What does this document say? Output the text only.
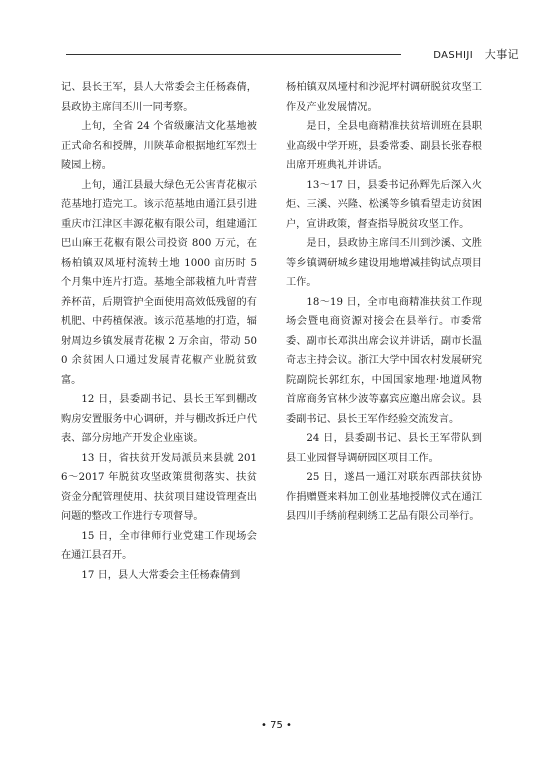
DASHIJI 大事记

记、县长王军，县人大常委会主任杨森倩，县政协主席闫丕川一同考察。

上旬，全省 24 个省级廉洁文化基地被正式命名和授牌，川陕革命根据地红军烈士陵园上榜。

上旬，通江县最大绿色无公害青花椒示范基地打造完工。该示范基地由通江县引进重庆市江津区丰源花椒有限公司，组建通江巴山麻王花椒有限公司投资 800 万元，在杨柏镇双凤垭村流转土地 1000 亩历时 5 个月集中连片打造。基地全部栽植九叶青营养杯苗，后期管护全面使用高效低残留的有机肥、中药植保液。该示范基地的打造，辐射周边乡镇发展青花椒 2 万余亩，带动 500 余贫困人口通过发展青花椒产业脱贫致富。

12 日，县委副书记、县长王军到棚改购房安置服务中心调研，并与棚改拆迁户代表、部分房地产开发企业座谈。

13 日，省扶贫开发局派员来县就 2016～2017 年脱贫攻坚政策贯彻落实、扶贫资金分配管理使用、扶贫项目建设管理查出问题的整改工作进行专项督导。

15 日，全市律师行业党建工作现场会在通江县召开。

17 日，县人大常委会主任杨森倩到

杨柏镇双凤垭村和沙泥坪村调研脱贫攻坚工作及产业发展情况。

是日，全县电商精准扶贫培训班在县职业高级中学开班，县委常委、副县长张春根出席开班典礼并讲话。

13～17 日，县委书记孙辉先后深入火炬、三溪、兴隆、松溪等乡镇看望走访贫困户，宣讲政策，督查指导脱贫攻坚工作。

是日，县政协主席闫丕川到沙溪、文胜等乡镇调研城乡建设用地增减挂钩试点项目工作。

18～19 日，全市电商精准扶贫工作现场会暨电商资源对接会在县举行。市委常委、副市长邓洪出席会议并讲话，副市长温奇志主持会议。浙江大学中国农村发展研究院副院长郭红东，中国国家地理·地道风物首席商务官林少波等嘉宾应邀出席会议。县委副书记、县长王军作经验交流发言。

24 日，县委副书记、县长王军带队到县工业园督导调研园区项目工作。

25 日，遂昌一通江对联东西部扶贫协作捐赠暨来料加工创业基地授牌仪式在通江县四川手绣前程刺绣工艺品有限公司举行。

• 75 •
